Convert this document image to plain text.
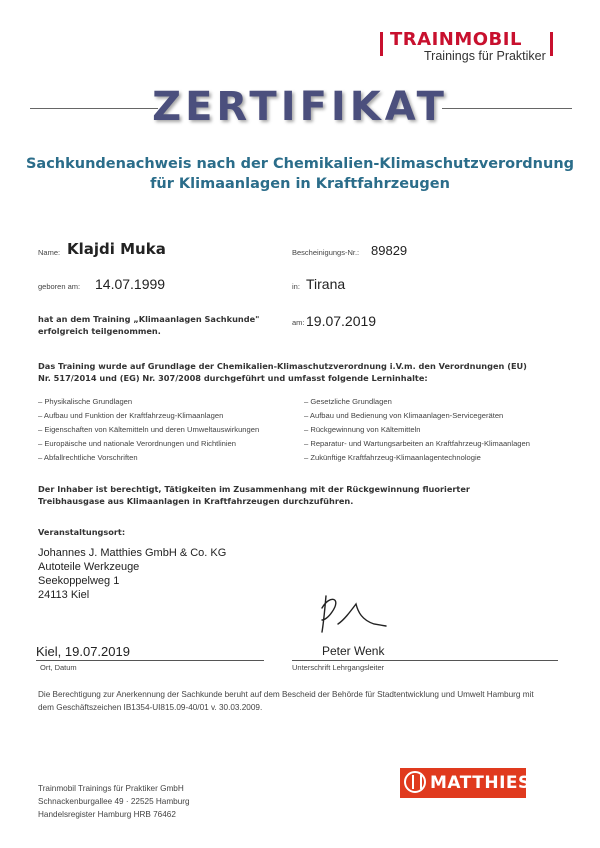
TRAINMOBIL
Trainings für Praktiker
ZERTIFIKAT
Sachkundenachweis nach der Chemikalien-Klimaschutzverordnung
für Klimaanlagen in Kraftfahrzeugen
Name: Klajdi Muka	Bescheinigungs-Nr.: 89829
geboren am: 14.07.1999	in: Tirana
hat an dem Training „Klimaanlagen Sachkunde" erfolgreich teilgenommen.
am: 19.07.2019
Das Training wurde auf Grundlage der Chemikalien-Klimaschutzverordnung i.V.m. den Verordnungen (EU) Nr. 517/2014 und (EG) Nr. 307/2008 durchgeführt und umfasst folgende Lerninhalte:
– Physikalische Grundlagen
– Aufbau und Funktion der Kraftfahrzeug-Klimaanlagen
– Eigenschaften von Kältemitteln und deren Umweltauswirkungen
– Europäische und nationale Verordnungen und Richtlinien
– Abfallrechtliche Vorschriften
– Gesetzliche Grundlagen
– Aufbau und Bedienung von Klimaanlagen-Servicegeräten
– Rückgewinnung von Kältemitteln
– Reparatur- und Wartungsarbeiten an Kraftfahrzeug-Klimaanlagen
– Zukünftige Kraftfahrzeug-Klimaanlagentechnologie
Der Inhaber ist berechtigt, Tätigkeiten im Zusammenhang mit der Rückgewinnung fluorierter Treibhausgase aus Klimaanlagen in Kraftfahrzeugen durchzuführen.
Veranstaltungsort:
Johannes J. Matthies GmbH & Co. KG
Autoteile Werkzeuge
Seekoppelweg 1
24113 Kiel
Kiel, 19.07.2019
Ort, Datum
Peter Wenk
Unterschrift Lehrgangsleiter
Die Berechtigung zur Anerkennung der Sachkunde beruht auf dem Bescheid der Behörde für Stadtentwicklung und Umwelt Hamburg mit dem Geschäftszeichen IB1354-UI815.09-40/01 v. 30.03.2009.
Trainmobil Trainings für Praktiker GmbH
Schnackenburgallee 49 · 22525 Hamburg
Handelsregister Hamburg HRB 76462
MATTHIES
